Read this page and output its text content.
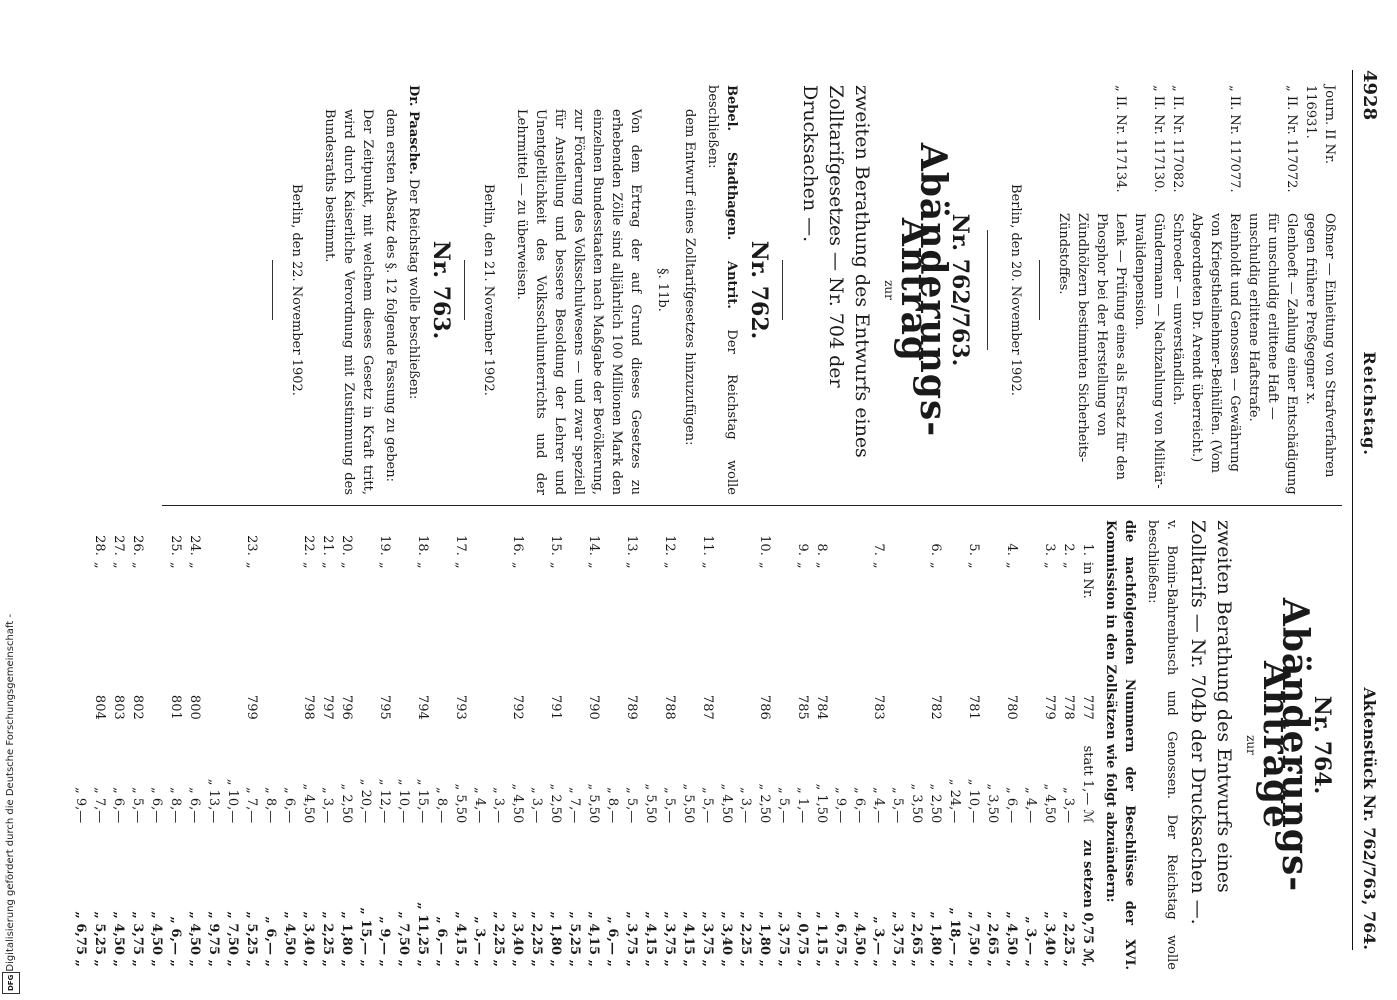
Digitalisierung gefördert durch die Deutsche Forschungsgemeinschaft -
DFG
4928
Reichstag.
Aktenstück Nr. 762/763, 764.
Journ. II Nr. 116931.
Oßmer — Einleitung von Strafverfahren gegen frühere Preßgegner x.
„ II. Nr. 117072.
Glenhoeft — Zahlung einer Entschädigung für unschuldig erlittene Haft — unschuldig erlittene Haftstrafe.
„ II. Nr. 117077.
Reinholdt und Genossen — Gewährung von Kriegstheilnehmer-Beihülfen. (Vom Abgeordneten Dr. Arendt überreicht.)
„ II. Nr. 117082.
Schroeder — unverständlich.
„ II. Nr. 117130.
Gündermann — Nachzahlung von Militär-Invalidenpension.
„ II. Nr. 117134.
Lenk — Prüfung eines als Ersatz für den Phosphor bei der Herstellung von Zündhölzern bestimmten Sicherheits-Zündstoffes.
Berlin, den 20. November 1902.
Nr. 762/763.
Abänderungs-Antrag
zur
zweiten Berathung des Entwurfs eines Zolltarifgesetzes — Nr. 704 der Drucksachen —.
Nr. 762.
Bebel. Stadthagen. Antrit. Der Reichstag wolle beschließen:
dem Entwurf eines Zolltarifgesetzes hinzuzufügen:
§. 11b.
Von dem Ertrag der auf Grund dieses Gesetzes zu erhebenden Zölle sind alljährlich 100 Millionen Mark den einzelnen Bundesstaaten nach Maßgabe der Bevölkerung, zur Förderung des Volksschulwesens — und zwar speziell für Anstellung und bessere Besoldung der Lehrer und Unentgeltlichkeit des Volksschulunterrichts und der Lehrmittel — zu überweisen.
Berlin, den 21. November 1902.
Nr. 763.
Dr. Paasche. Der Reichstag wolle beschließen:
dem ersten Absatz des §. 12 folgende Fassung zu geben:
Der Zeitpunkt, mit welchem dieses Gesetz in Kraft tritt, wird durch Kaiserliche Verordnung mit Zustimmung des Bundesraths bestimmt.
Berlin, den 22. November 1902.
Nr. 764.
Abänderungs-Anträge
zur
zweiten Berathung des Entwurfs eines Zolltarifs — Nr. 704b der Drucksachen —.
v. Bonin-Bahrenbusch und Genossen. Der Reichstag wolle beschließen:
die nachfolgenden Nummern der Beschlüsse der XVI. Kommission in den Zollsätzen wie folgt abzuändern:
1.	in Nr.	777	statt 1,— ℳ	zu setzen 0,75 ℳ,
2.	„	778	„ 3,—	„ 2,25 „
3.	„	779	„ 4,50	„ 3,40 „
			„ 4,—	„ 3,— „
4.	„	780	„ 6,—	„ 4,50 „
			„ 3,50	„ 2,65 „
5.	„	781	„ 10,—	„ 7,50 „
			„ 24,—	„ 18,— „
6.	„	782	„ 2,50	„ 1,80 „
			„ 3,50	„ 2,65 „
			„ 5,—	„ 3,75 „
7.	„	783	„ 4,—	„ 3,— „
			„ 6,—	„ 4,50 „
			„ 9,—	„ 6,75 „
8.	„	784	„ 1,50	„ 1,15 „
9.	„	785	„ 1,—	„ 0,75 „
			„ 5,—	„ 3,75 „
10.	„	786	„ 2,50	„ 1,80 „
			„ 3,—	„ 2,25 „
			„ 4,50	„ 3,40 „
11.	„	787	„ 5,—	„ 3,75 „
			„ 5,50	„ 4,15 „
12.	„	788	„ 5,—	„ 3,75 „
			„ 5,50	„ 4,15 „
13.	„	789	„ 5,—	„ 3,75 „
			„ 8,—	„ 6,— „
14.	„	790	„ 5,50	„ 4,15 „
			„ 7,—	„ 5,25 „
15.	„	791	„ 2,50	„ 1,80 „
			„ 3,—	„ 2,25 „
16.	„	792	„ 4,50	„ 3,40 „
			„ 3,—	„ 2,25 „
			„ 4,—	„ 3,— „
17.	„	793	„ 5,50	„ 4,15 „
			„ 8,—	„ 6,— „
18.	„	794	„ 15,—	„ 11,25 „
			„ 10,—	„ 7,50 „
19.	„	795	„ 12,—	„ 9,— „
			„ 20,—	„ 15,— „
20.	„	796	„ 2,50	„ 1,80 „
21.	„	797	„ 3,—	„ 2,25 „
22.	„	798	„ 4,50	„ 3,40 „
			„ 6,—	„ 4,50 „
			„ 8,—	„ 6,— „
23.	„	799	„ 7,—	„ 5,25 „
			„ 10,—	„ 7,50 „
			„ 13,—	„ 9,75 „
24.	„	800	„ 6,—	„ 4,50 „
25.	„	801	„ 8,—	„ 6,— „
			„ 6,—	„ 4,50 „
26.	„	802	„ 5,—	„ 3,75 „
27.	„	803	„ 6,—	„ 4,50 „
28.	„	804	„ 7,—	„ 5,25 „
			„ 9,—	„ 6,75 „
